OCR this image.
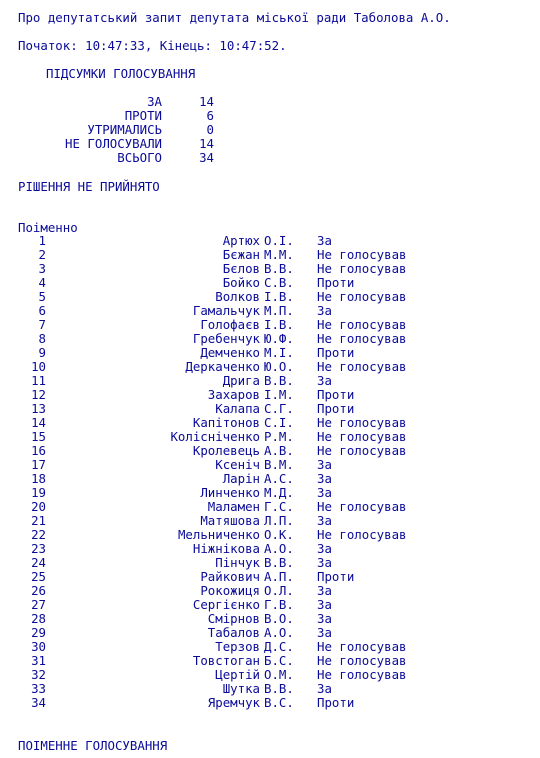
Про депутатський запит депутата міської ради Таболова А.О.
Початок: 10:47:33, Кінець: 10:47:52.
ПІДСУМКИ ГОЛОСУВАННЯ
ЗА	14
ПРОТИ	6
УТРИМАЛИСЬ	0
НЕ ГОЛОСУВАЛИ	14
ВСЬОГО	34
РІШЕННЯ НЕ ПРИЙНЯТО
Поіменно
1	Артюх О.І. За
2	Бєжан М.М. Не голосував
3	Бєлов В.В. Не голосував
4	Бойко С.В. Проти
5	Волков І.В. Не голосував
6	Гамальчук М.П. За
7	Голофаєв І.В. Не голосував
8	Гребенчук Ю.Ф. Не голосував
9	Демченко М.І. Проти
10	Деркаченко Ю.О. Не голосував
11	Дрига В.В. За
12	Захаров І.М. Проти
13	Калапа С.Г. Проти
14	Капітонов С.І. Не голосував
15	Колісніченко Р.М. Не голосував
16	Кролевець А.В. Не голосував
17	Ксеніч В.М. За
18	Ларін А.С. За
19	Линченко М.Д. За
20	Маламен Г.С. Не голосував
21	Матяшова Л.П. За
22	Мельниченко О.К. Не голосував
23	Ніжнікова А.О. За
24	Пінчук В.В. За
25	Райкович А.П. Проти
26	Рокожиця О.Л. За
27	Сергієнко Г.В. За
28	Смірнов В.О. За
29	Табалов А.О. За
30	Терзов Д.С. Не голосував
31	Товстоган Б.С. Не голосував
32	Цертій О.М. Не голосував
33	Шутка В.В. За
34	Яремчук В.С. Проти
ПОІМЕННЕ ГОЛОСУВАННЯ
